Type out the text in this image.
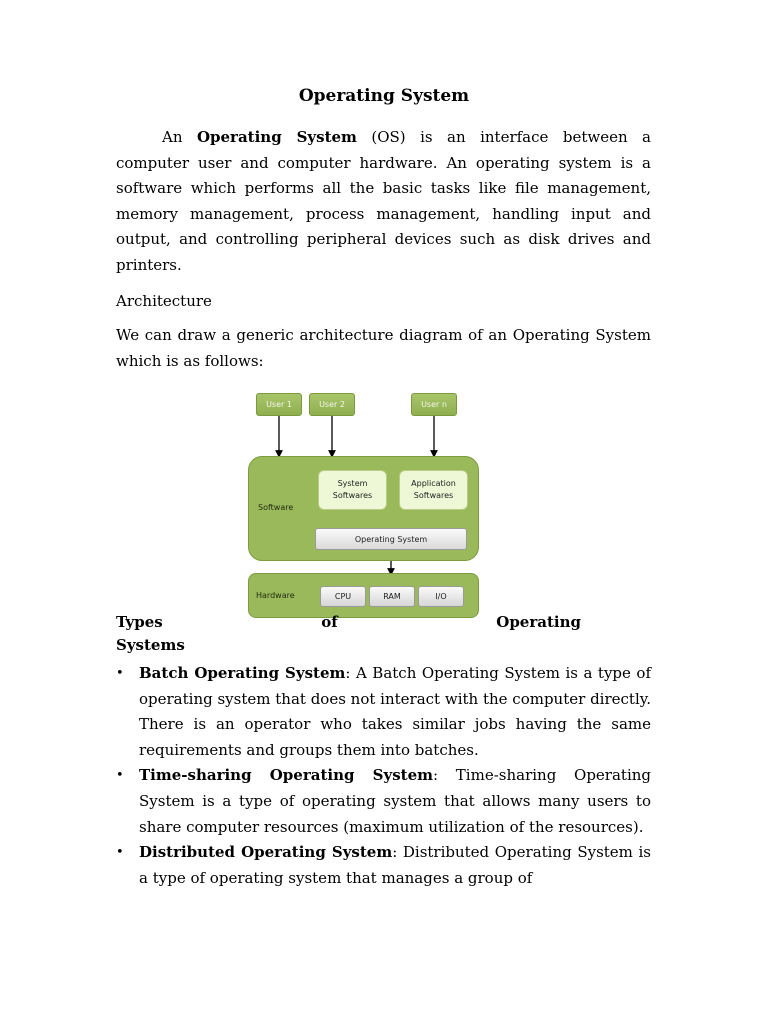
Operating System
An Operating System (OS) is an interface between a computer user and computer hardware. An operating system is a software which performs all the basic tasks like file management, memory management, process management, handling input and output, and controlling peripheral devices such as disk drives and printers.
Architecture
We can draw a generic architecture diagram of an Operating System which is as follows:
User 1	User 2	User n
Software
System Softwares
Application Softwares
Operating System
Hardware	CPU	RAM	I/O
Types	of	Operating
Systems
• Batch Operating System: A Batch Operating System is a type of operating system that does not interact with the computer directly. There is an operator who takes similar jobs having the same requirements and groups them into batches.
• Time-sharing Operating System: Time-sharing Operating System is a type of operating system that allows many users to share computer resources (maximum utilization of the resources).
• Distributed Operating System: Distributed Operating System is a type of operating system that manages a group of
